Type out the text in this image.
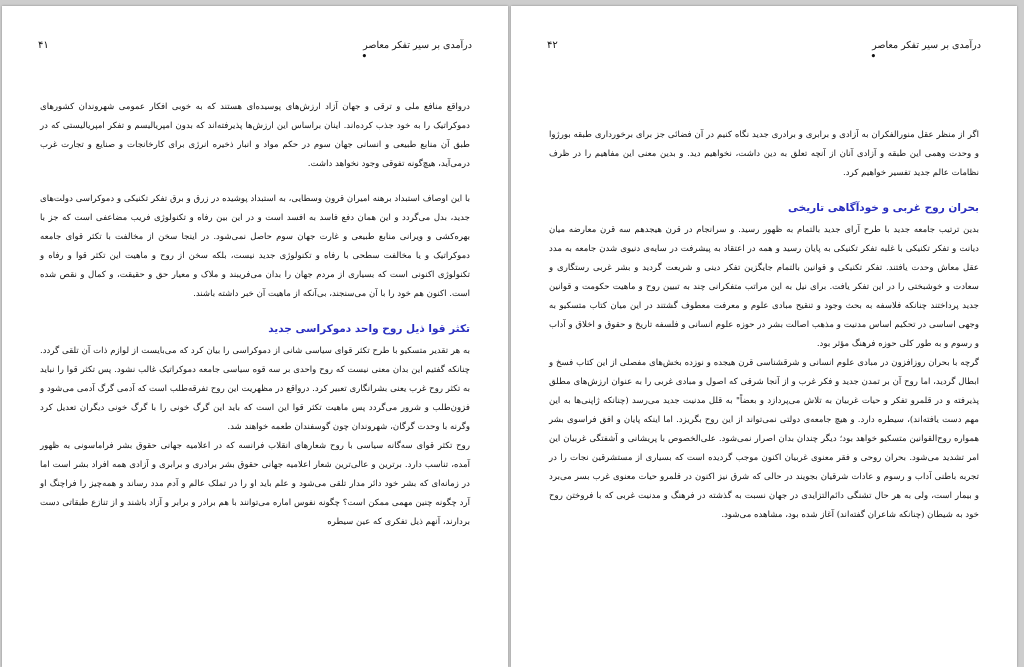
درآمدی بر سیر تفکر معاصر
•
۴۱

درواقع منافع ملی و ترقی و جهان آزاد ارزش‌های پوسیده‌ای هستند که به خوبی افکار عمومی شهروندان کشورهای دموکراتیک را به خود جذب کرده‌اند. اینان براساس این ارزش‌ها پذیرفته‌اند که بدون امپریالیسم و تفکر امپریالیستی که در طبق آن منابع طبیعی و انسانی جهان سوم در حکم مواد و انبار ذخیره انرژی برای کارخانجات و صنایع و تجارت غرب درمی‌آید، هیچ‌گونه تفوقی وجود نخواهد داشت.

با این اوصاف استبداد برهنه امیران قرون وسطایی، به استبداد پوشیده در زرق و برق تفکر تکنیکی و دموکراسی دولت‌های جدید، بدل می‌گردد و این همان دفع فاسد به افسد است و در این بین رفاه و تکنولوژی فریب مضاعفی است که جز با بهره‌کشی و ویرانی منابع طبیعی و غارت جهان سوم حاصل نمی‌شود. در اینجا سخن از مخالفت با تکثر قوای جامعه دموکراتیک و یا مخالفت سطحی با رفاه و تکنولوژی جدید نیست، بلکه سخن از روح و ماهیت این تکثر قوا و رفاه و تکنولوژی اکنونی است که بسیاری از مردم جهان را بدان می‌فریبند و ملاک و معیار حق و حقیقت، و کمال و نقص شده است. اکنون هم خود را با آن می‌سنجند، بی‌آنکه از ماهیت آن خبر داشته باشند.

تکثر قوا ذیل روح واحد دموکراسی جدید

به هر تقدیر متسکیو با طرح تکثر قوای سیاسی شانی از دموکراسی را بیان کرد که می‌بایست از لوازم ذات آن تلقی گردد. چنانکه گفتیم این بدان معنی نیست که روح واحدی بر سه قوه سیاسی جامعه دموکراتیک غالب نشود. پس تکثر قوا را نباید به تکثر روح غرب یعنی بشرانگاری تعبیر کرد. درواقع در مظهریت این روح تفرقه‌طلب است که آدمی گرگ آدمی می‌شود و فزون‌طلب و شرور می‌گردد پس ماهیت تکثر قوا این است که باید این گرگ خونی را با گرگ خونی دیگران تعدیل کرد وگرنه با وحدت گرگان، شهروندان چون گوسفندان طعمه خواهند شد.

روح تکثر قوای سه‌گانه سیاسی با روح شعارهای انقلاب فرانسه که در اعلامیه جهانی حقوق بشر فراماسونی به ظهور آمده، تناسب دارد. برترین و عالی‌ترین شعار اعلامیه جهانی حقوق بشر برادری و برابری و آزادی همه افراد بشر است اما در زمانه‌ای که بشر خود دائر مدار تلقی می‌شود و علم باید او را در تملک عالم و آدم مدد رساند و همه‌چیز را فراچنگ او آرد چگونه چنین مهمی ممکن است؟ چگونه نفوس اماره می‌توانند با هم برادر و برابر و آزاد باشند و از تنازع طبقاتی دست بردارند، آنهم ذیل تفکری که عین سیطره

درآمدی بر سیر تفکر معاصر
•
۴۲

اگر از منظر عقل منورالفکران به آزادی و برابری و برادری جدید نگاه کنیم در آن فضائی جز برای برخورداری طبقه بورژوا و وحدت وهمی این طبقه و آزادی آنان از آنچه تعلق به دین داشت، نخواهیم دید. و بدین معنی این مفاهیم را در ظرف نظامات عالم جدید تفسیر خواهیم کرد.

بحران روح غربی و خودآگاهی تاریخی

بدین ترتیب جامعه جدید با طرح آرای جدید بالتمام به ظهور رسید. و سرانجام در قرن هیجدهم سه قرن معارضه میان دیانت و تفکر تکنیکی با غلبه تفکر تکنیکی به پایان رسید و همه در اعتقاد به پیشرفت در سایه‌ی دنیوی شدن جامعه به مدد عقل معاش وحدت یافتند. تفکر تکنیکی و قوانین بالتمام جایگزین تفکر دینی و شریعت گردید و بشر غربی رستگاری و سعادت و خوشبختی را در این تفکر یافت. برای نیل به این مراتب متفکرانی چند به تبیین روح و ماهیت حکومت و قوانین جدید پرداختند چنانکه فلاسفه به بحث وجود و تنقیح مبادی علوم و معرفت معطوف گشتند در این میان کتاب متسکیو به وجهی اساسی در تحکیم اساس مدنیت و مذهب اصالت بشر در حوزه علوم انسانی و فلسفه تاریخ و حقوق و اخلاق و آداب و رسوم و به طور کلی حوزه فرهنگ مؤثر بود.

گرچه با بحران روزافزون در مبادی علوم انسانی و شرقشناسی قرن هیجده و نوزده بخش‌های مفصلی از این کتاب فسخ و ابطال گردید، اما روح آن بر تمدن جدید و فکر غرب و از آنجا شرقی که اصول و مبادی غربی را به عنوان ارزش‌های مطلق پذیرفته و در قلمرو تفکر و حیات غربیان به تلاش می‌پردازد و بعضاً" به قلل مدنیت جدید می‌رسد (چنانکه ژاپنی‌ها به این مهم دست یافته‌اند)، سیطره دارد. و هیچ جامعه‌ی دولتی نمی‌تواند از این روح بگریزد. اما اینکه پایان و افق فراسوی بشر همواره روح‌القوانین متسکیو خواهد بود؛ دیگر چندان بدان اصرار نمی‌شود. علی‌الخصوص با پریشانی و آشفتگی غربیان این امر تشدید می‌شود. بحران روحی و فقر معنوی غربیان اکنون موجب گردیده است که بسیاری از مستشرقین نجات را در تجربه باطنی آداب و رسوم و عادات شرقیان بجویند در حالی که شرق نیز اکنون در قلمرو حیات معنوی غرب بسر می‌برد و بیمار است، ولی به هر حال تشنگی دائم‌التزایدی در جهان نسبت به گذشته در فرهنگ و مدنیت غربی که با فروختن روح خود به شیطان (چنانکه شاعران گفته‌اند) آغاز شده بود، مشاهده می‌شود.
